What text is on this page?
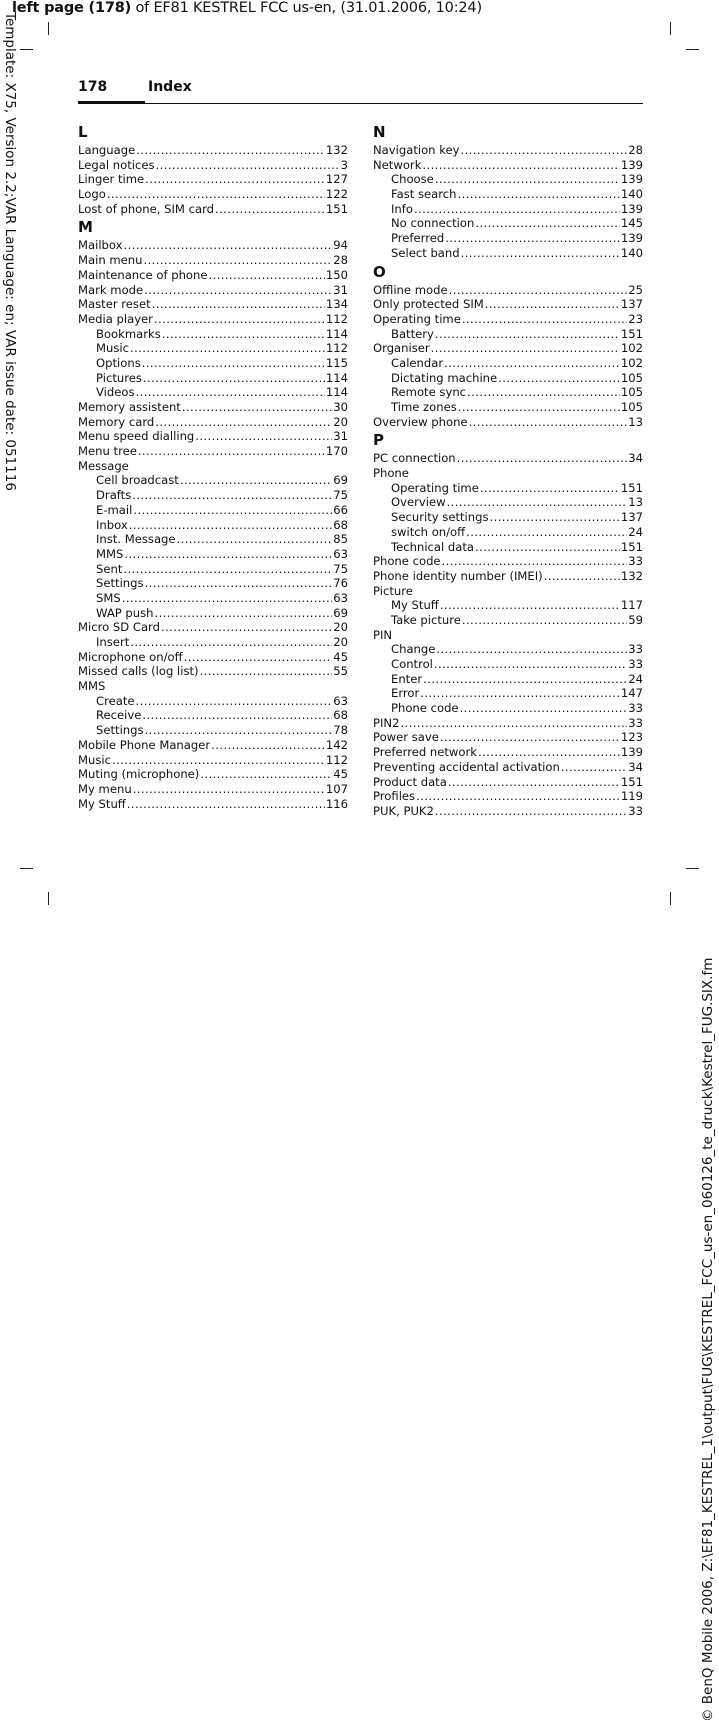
left page (178) of EF81 KESTREL FCC us-en, (31.01.2006, 10:24)
Template: X75, Version 2.2;VAR Language: en; VAR issue date: 051116
© BenQ Mobile 2006, Z:\EF81_KESTREL_1\output\FUG\KESTREL_FCC_us-en_060126_te_druck\Kestrel_FUG.SIX.fm
178	Index
L
Language .....	132
Legal notices .....	3
Linger time .....	127
Logo .....	122
Lost of phone, SIM card .....	151
M
Mailbox .....	94
Main menu .....	28
Maintenance of phone .....	150
Mark mode .....	31
Master reset .....	134
Media player .....	112
Bookmarks .....	114
Music .....	112
Options .....	115
Pictures .....	114
Videos .....	114
Memory assistent .....	30
Memory card .....	20
Menu speed dialling .....	31
Menu tree .....	170
Message
Cell broadcast .....	69
Drafts .....	75
E-mail .....	66
Inbox .....	68
Inst. Message .....	85
MMS .....	63
Sent .....	75
Settings .....	76
SMS .....	63
WAP push .....	69
Micro SD Card .....	20
Insert .....	20
Microphone on/off .....	45
Missed calls (log list) .....	55
MMS
Create .....	63
Receive .....	68
Settings .....	78
Mobile Phone Manager .....	142
Music .....	112
Muting (microphone) .....	45
My menu .....	107
My Stuff .....	116
N
Navigation key .....	28
Network .....	139
Choose .....	139
Fast search .....	140
Info .....	139
No connection .....	145
Preferred .....	139
Select band .....	140
O
Offline mode .....	25
Only protected SIM .....	137
Operating time .....	23
Battery .....	151
Organiser .....	102
Calendar .....	102
Dictating machine .....	105
Remote sync .....	105
Time zones .....	105
Overview phone .....	13
P
PC connection .....	34
Phone
Operating time .....	151
Overview .....	13
Security settings .....	137
switch on/off .....	24
Technical data .....	151
Phone code .....	33
Phone identity number (IMEI) .....	132
Picture
My Stuff .....	117
Take picture .....	59
PIN
Change .....	33
Control .....	33
Enter .....	24
Error .....	147
Phone code .....	33
PIN2 .....	33
Power save .....	123
Preferred network .....	139
Preventing accidental activation .....	34
Product data .....	151
Profiles .....	119
PUK, PUK2 .....	33
